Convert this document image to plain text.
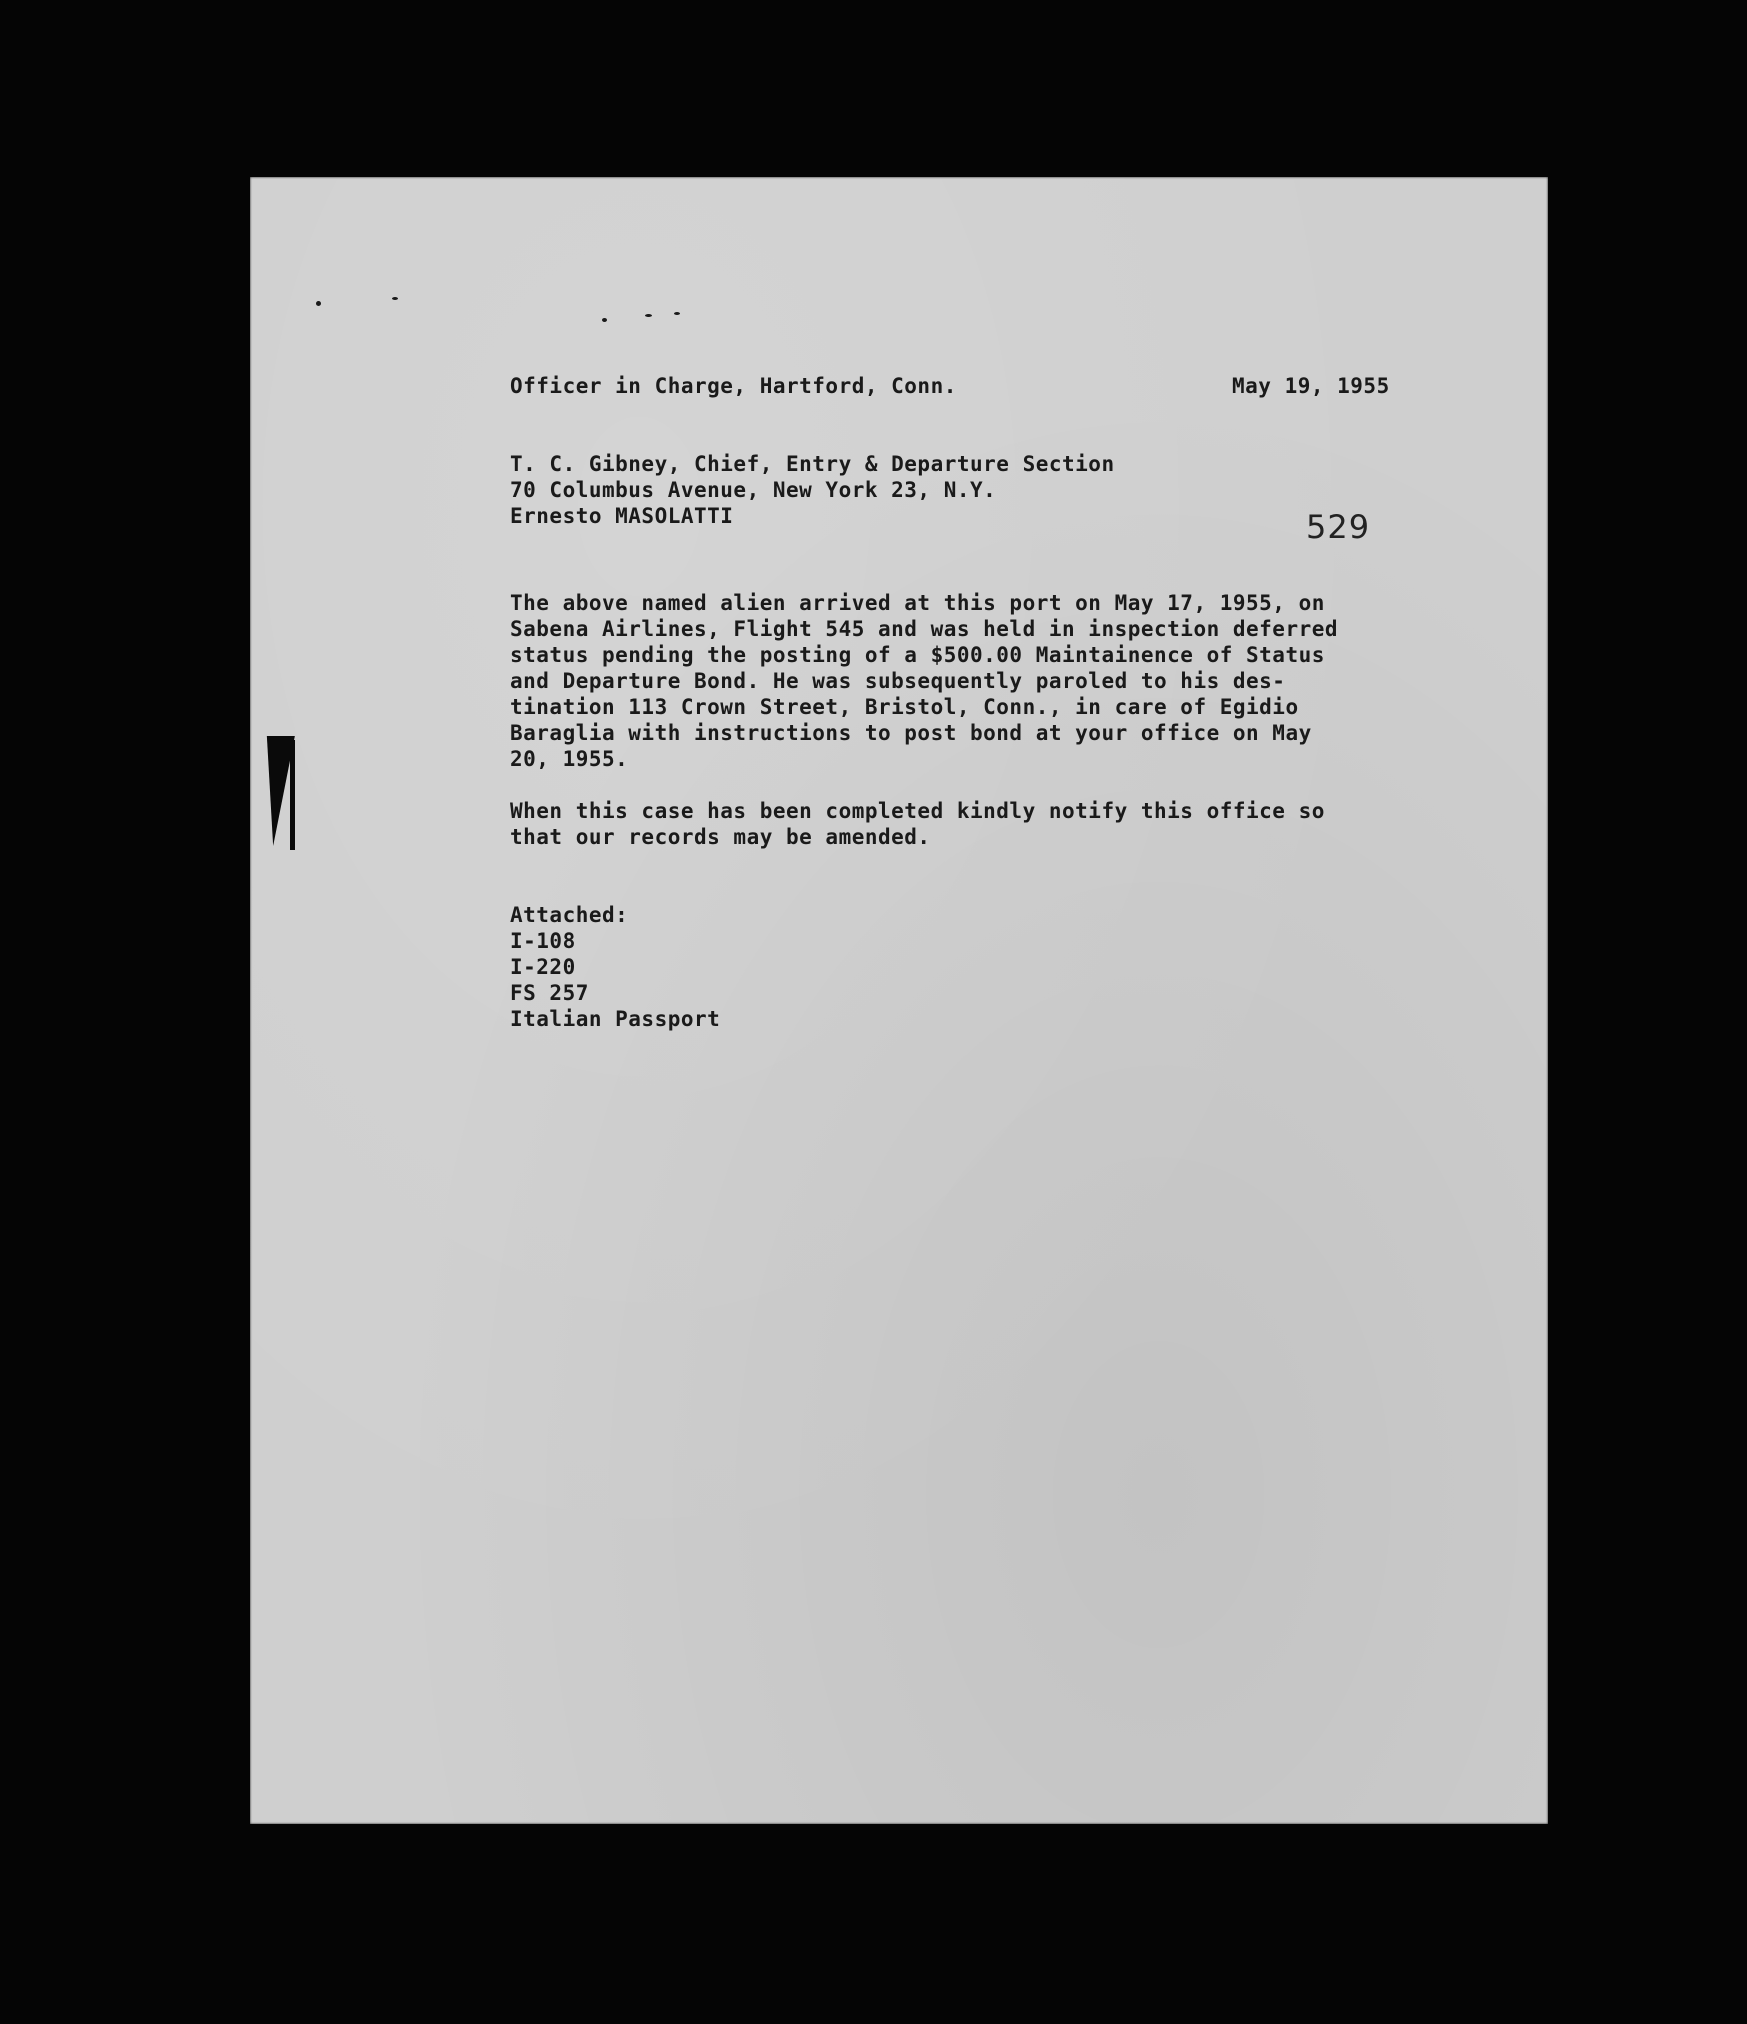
Officer in Charge, Hartford, Conn.	May 19, 1955
T. C. Gibney, Chief, Entry & Departure Section
70 Columbus Avenue, New York 23, N.Y.
Ernesto MASOLATTI	529
The above named alien arrived at this port on May 17, 1955, on
Sabena Airlines, Flight 545 and was held in inspection deferred
status pending the posting of a $500.00 Maintainence of Status
and Departure Bond. He was subsequently paroled to his des-
tination 113 Crown Street, Bristol, Conn., in care of Egidio
Baraglia with instructions to post bond at your office on May
20, 1955.
When this case has been completed kindly notify this office so
that our records may be amended.
Attached:
I-108
I-220
FS 257
Italian Passport
